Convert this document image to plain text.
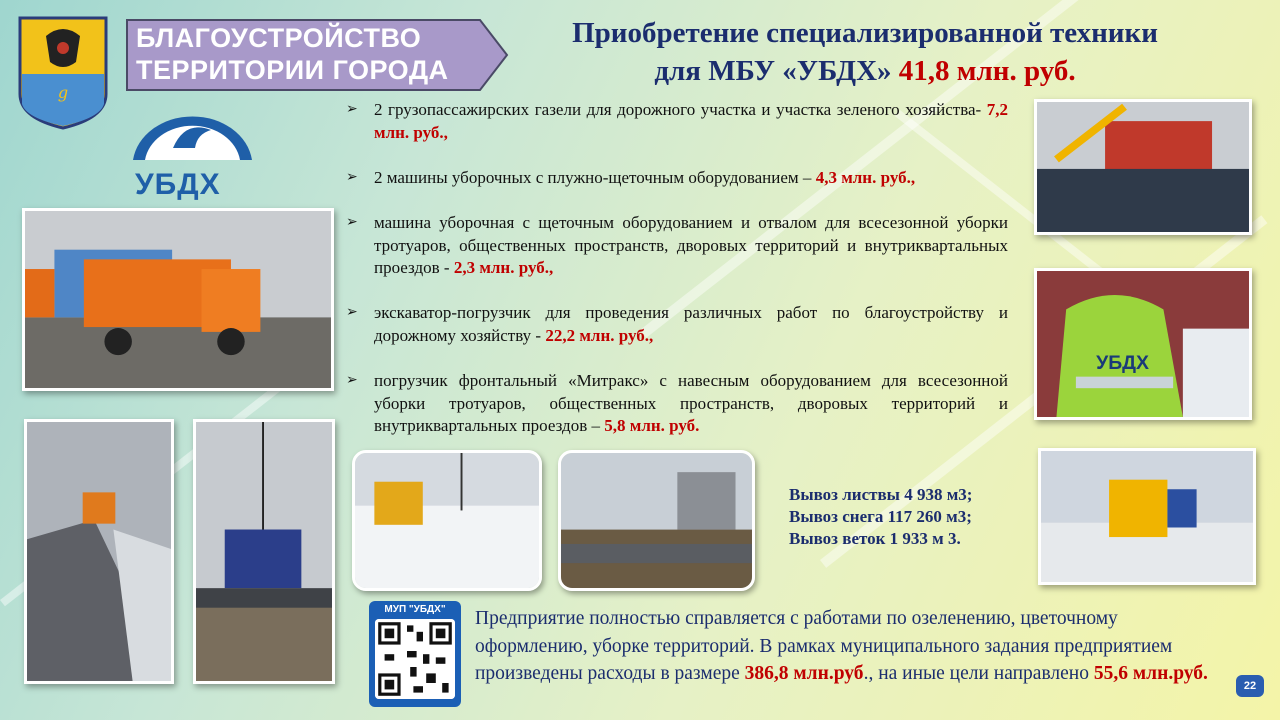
g
БЛАГОУСТРОЙСТВО
ТЕРРИТОРИИ ГОРОДА
УБДХ
Приобретение специализированной техники
для МБУ «УБДХ» 41,8 млн. руб.
➢ 2 грузопассажирских газели для дорожного участка и участка зеленого хозяйства- 7,2 млн. руб.,
➢ 2 машины уборочных с плужно-щеточным оборудованием – 4,3 млн. руб.,
➢ машина уборочная с щеточным оборудованием и отвалом для всесезонной уборки тротуаров, общественных пространств, дворовых территорий и внутриквартальных проездов - 2,3 млн. руб.,
➢ экскаватор-погрузчик для проведения различных работ по благоустройству и дорожному хозяйству - 22,2 млн. руб.,
➢ погрузчик фронтальный «Митракс» с навесным оборудованием для всесезонной уборки тротуаров, общественных пространств, дворовых территорий и внутриквартальных проездов – 5,8 млн. руб.
УБДХ
Вывоз листвы 4 938 м3;
Вывоз снега 117 260 м3;
Вывоз веток 1 933 м 3.
МУП "УБДХ"	Предприятие полностью справляется с работами по озеленению, цветочному оформлению, уборке территорий. В рамках муниципального задания предприятием произведены расходы в размере 386,8 млн.руб., на иные цели направлено 55,6 млн.руб.
22
